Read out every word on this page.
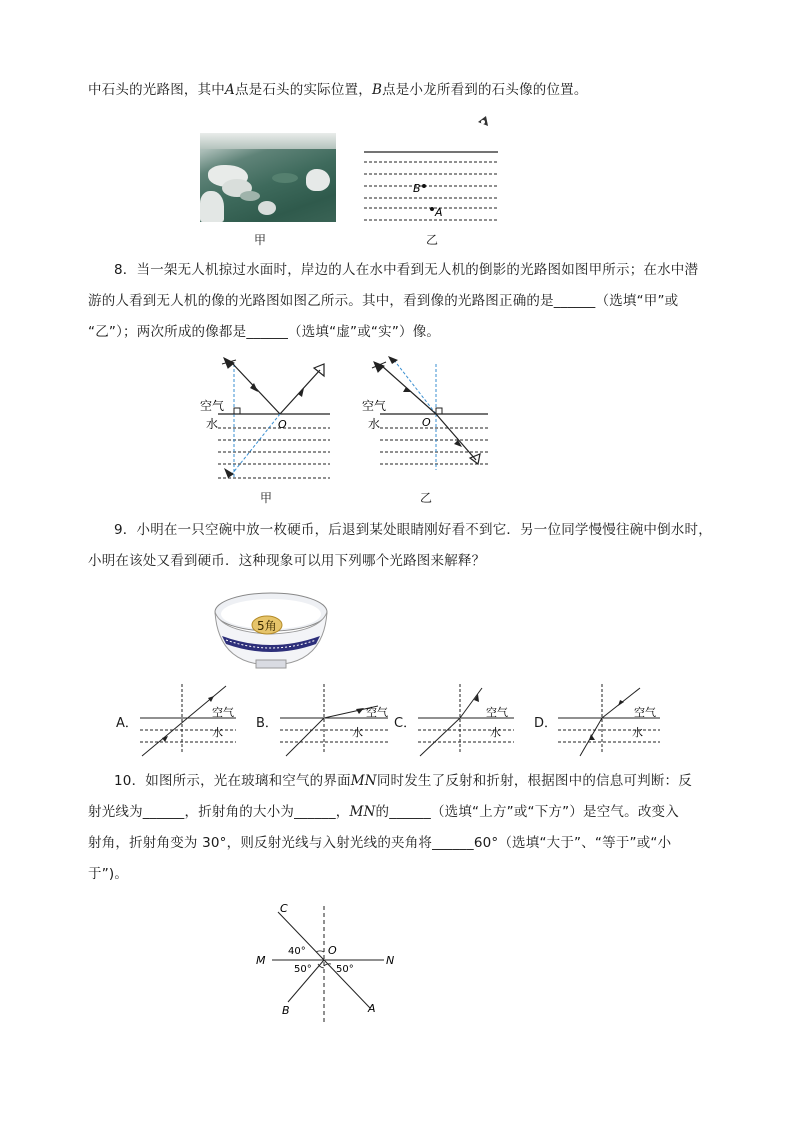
中石头的光路图，其中A点是石头的实际位置，B点是小龙所看到的石头像的位置。
甲
B
A
乙
8．当一架无人机掠过水面时，岸边的人在水中看到无人机的倒影的光路图如图甲所示；在水中潜
游的人看到无人机的像的光路图如图乙所示。其中，看到像的光路图正确的是______（选填“甲”或
“乙”）；两次所成的像都是______（选填“虚”或“实”）像。
空气
水	O
甲
空气
水	O
乙
9．小明在一只空碗中放一枚硬币，后退到某处眼睛刚好看不到它．另一位同学慢慢往碗中倒水时，
小明在该处又看到硬币．这种现象可以用下列哪个光路图来解释？
5角
A．
空气
水
B．
空气
水
C．
空气
水
D．
空气
水
10．如图所示，光在玻璃和空气的界面MN同时发生了反射和折射，根据图中的信息可判断：反
射光线为______，折射角的大小为______，MN的______（选填“上方”或“下方”）是空气。改变入
射角，折射角变为 30°，则反射光线与入射光线的夹角将______60°（选填“大于”、“等于”或“小
于”)。
C
M	N
O
B	A
40°
50° 50°
